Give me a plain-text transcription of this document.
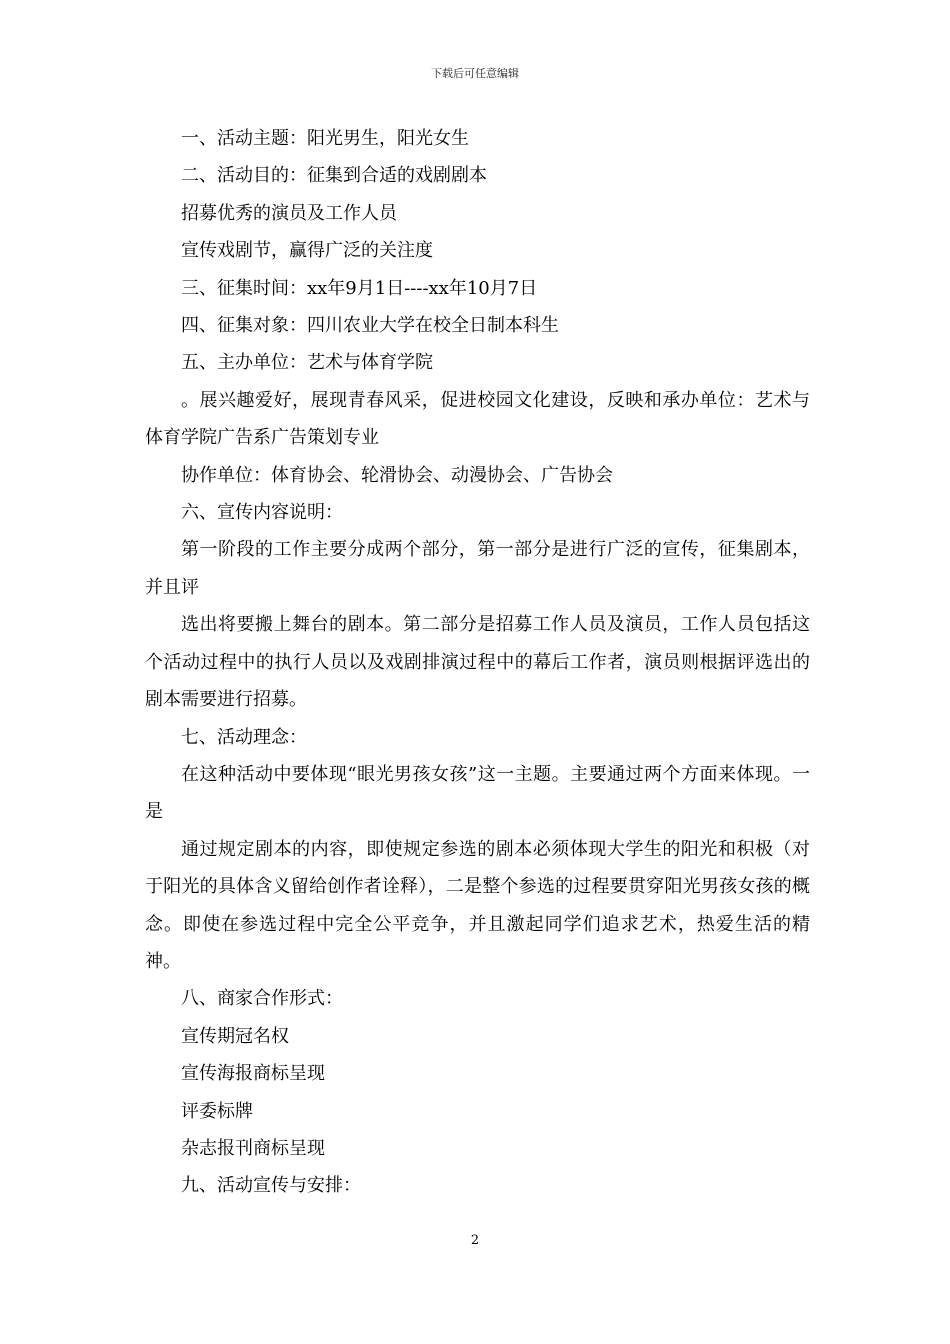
下载后可任意编辑

一、活动主题：阳光男生，阳光女生

二、活动目的：征集到合适的戏剧剧本

招募优秀的演员及工作人员

宣传戏剧节，赢得广泛的关注度

三、征集时间：xx年9月1日----xx年10月7日

四、征集对象：四川农业大学在校全日制本科生

五、主办单位：艺术与体育学院

。展兴趣爱好，展现青春风采，促进校园文化建设，反映和承办单位：艺术与体育学院广告系广告策划专业

协作单位：体育协会、轮滑协会、动漫协会、广告协会

六、宣传内容说明：

第一阶段的工作主要分成两个部分，第一部分是进行广泛的宣传，征集剧本，并且评

选出将要搬上舞台的剧本。第二部分是招募工作人员及演员，工作人员包括这个活动过程中的执行人员以及戏剧排演过程中的幕后工作者，演员则根据评选出的剧本需要进行招募。

七、活动理念：

在这种活动中要体现“眼光男孩女孩”这一主题。主要通过两个方面来体现。一是

通过规定剧本的内容，即使规定参选的剧本必须体现大学生的阳光和积极（对于阳光的具体含义留给创作者诠释），二是整个参选的过程要贯穿阳光男孩女孩的概念。即使在参选过程中完全公平竞争，并且激起同学们追求艺术，热爱生活的精神。

八、商家合作形式：

宣传期冠名权

宣传海报商标呈现

评委标牌

杂志报刊商标呈现

九、活动宣传与安排：

2
